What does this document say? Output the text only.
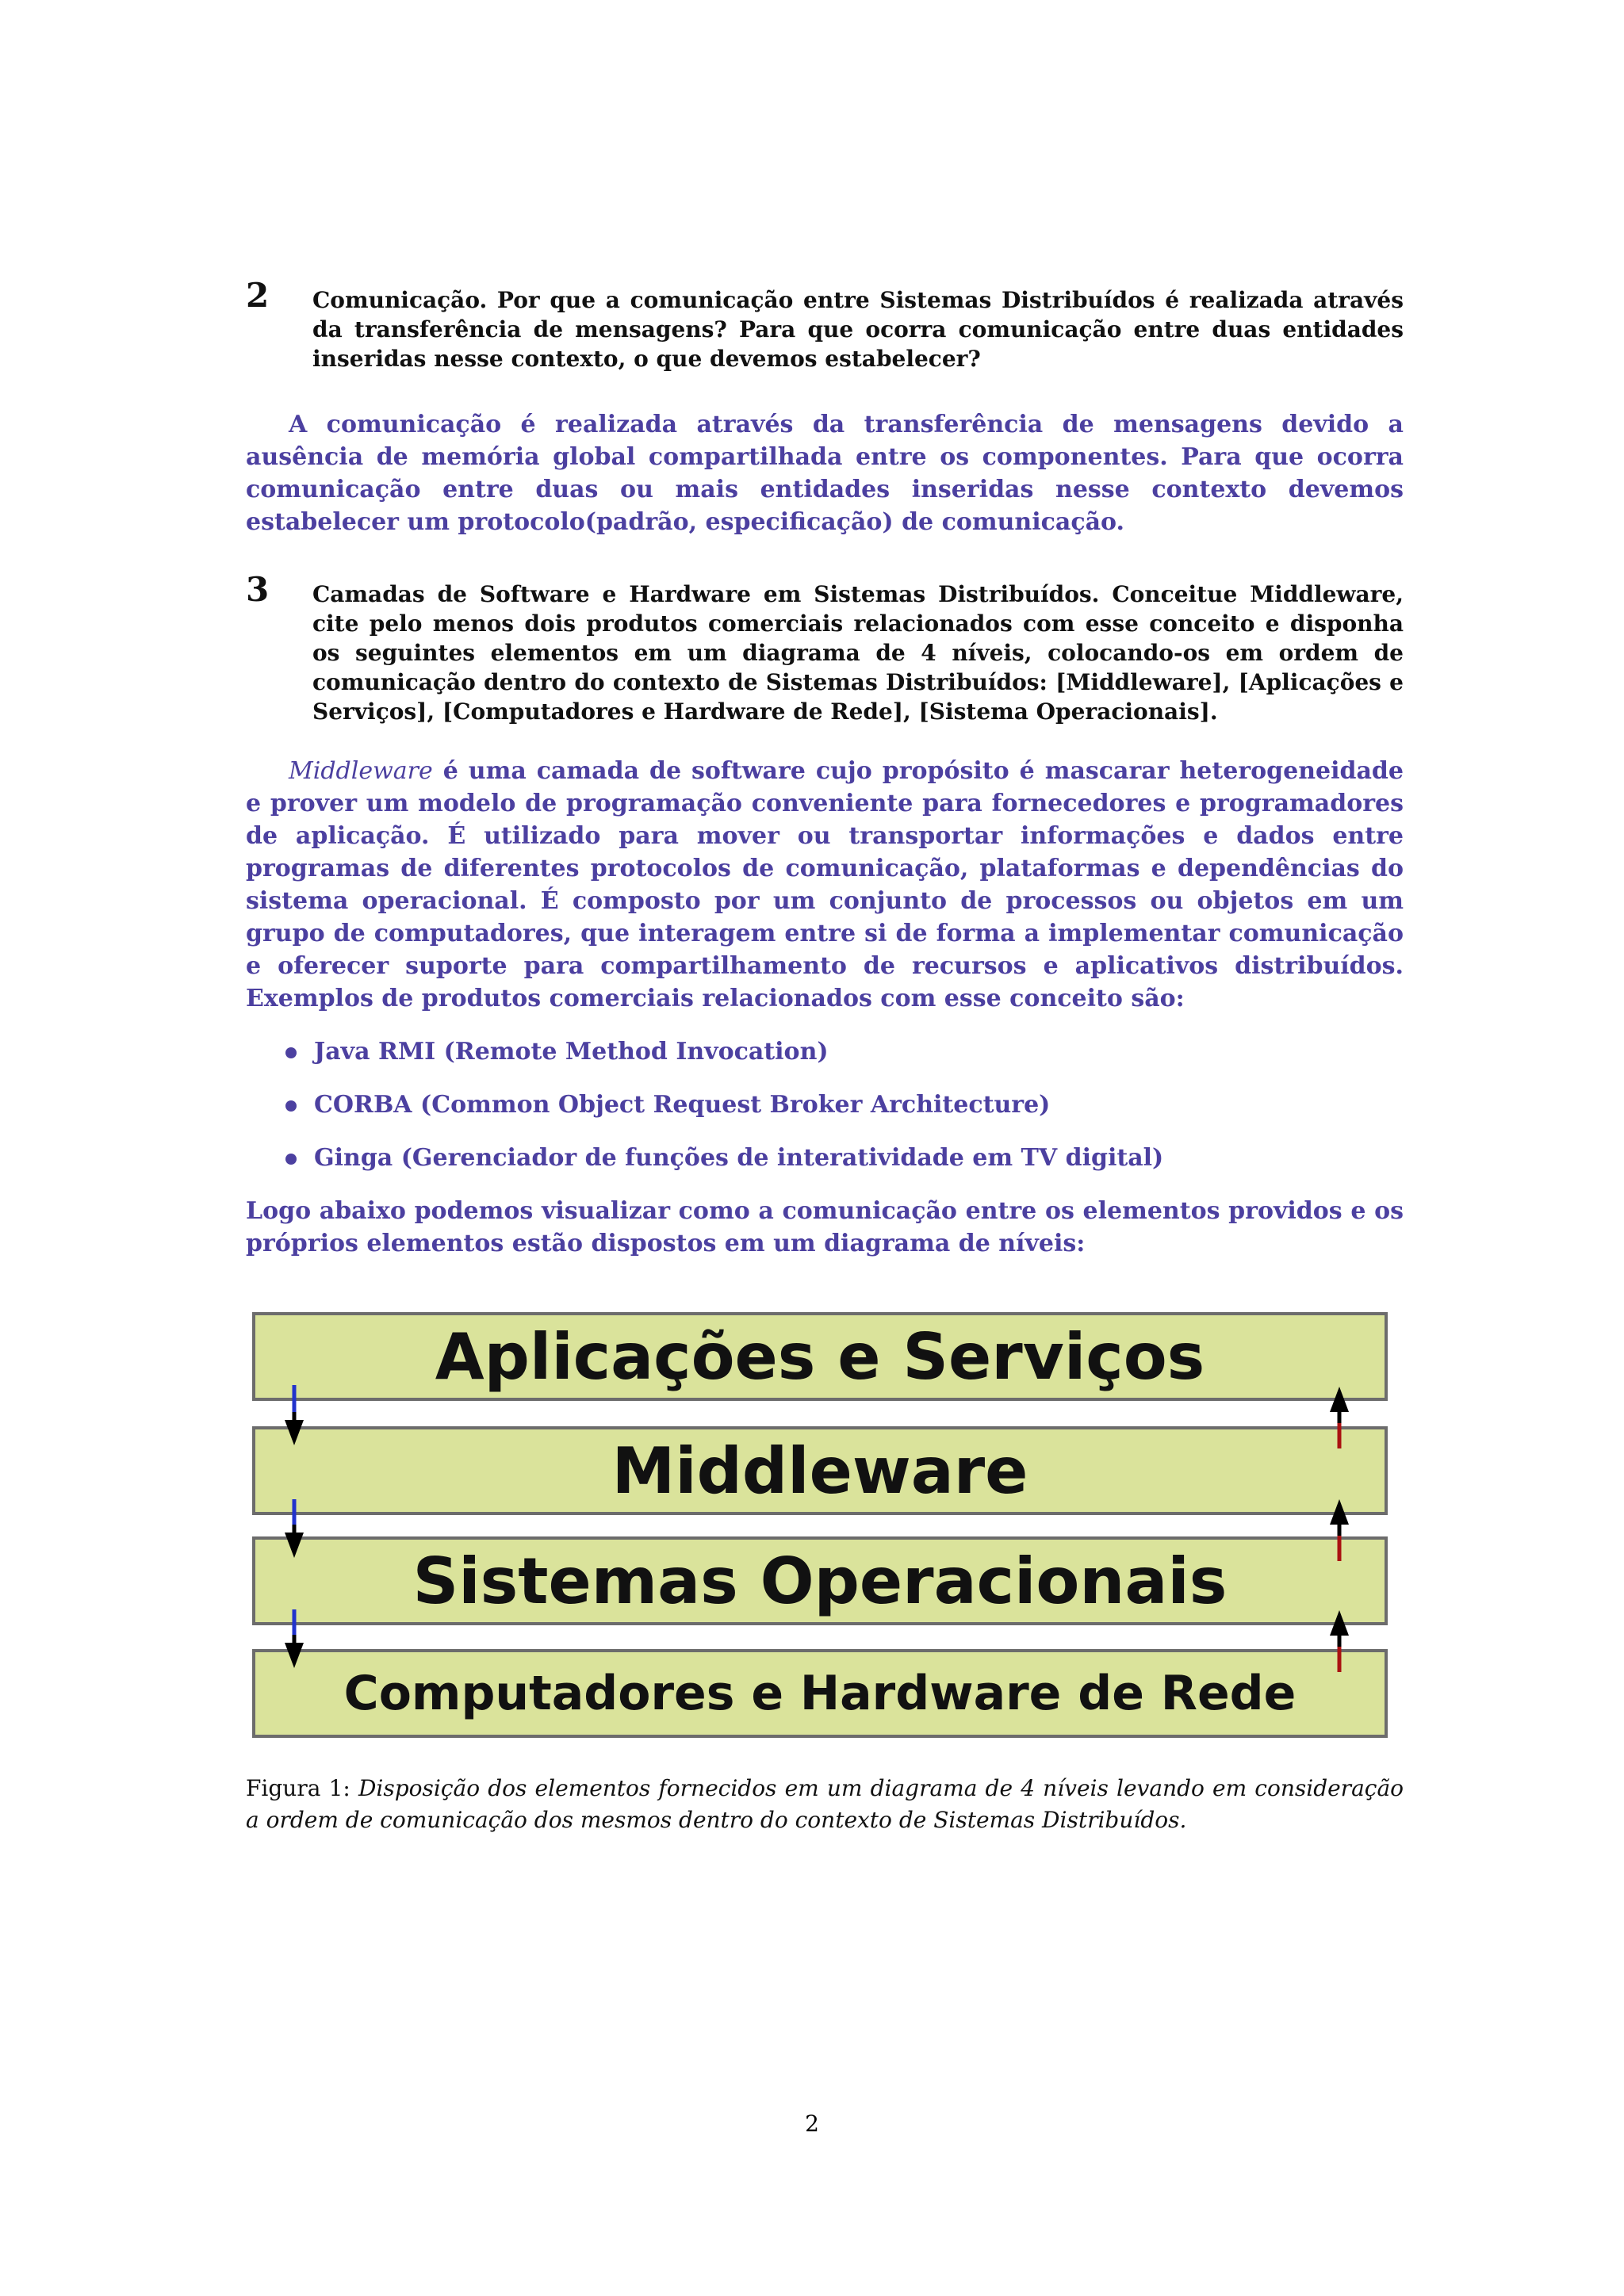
2 Comunicação. Por que a comunicação entre Sistemas Distribuídos é realizada através da transferência de mensagens? Para que ocorra comunicação entre duas entidades inseridas nesse contexto, o que devemos estabelecer?

A comunicação é realizada através da transferência de mensagens devido a ausência de memória global compartilhada entre os componentes. Para que ocorra comunicação entre duas ou mais entidades inseridas nesse contexto devemos estabelecer um protocolo(padrão, especificação) de comunicação.

3 Camadas de Software e Hardware em Sistemas Distribuídos. Conceitue Middleware, cite pelo menos dois produtos comerciais relacionados com esse conceito e disponha os seguintes elementos em um diagrama de 4 níveis, colocando-os em ordem de comunicação dentro do contexto de Sistemas Distribuídos: [Middleware], [Aplicações e Serviços], [Computadores e Hardware de Rede], [Sistema Operacionais].

Middleware é uma camada de software cujo propósito é mascarar heterogeneidade e prover um modelo de programação conveniente para fornecedores e programadores de aplicação. É utilizado para mover ou transportar informações e dados entre programas de diferentes protocolos de comunicação, plataformas e dependências do sistema operacional. É composto por um conjunto de processos ou objetos em um grupo de computadores, que interagem entre si de forma a implementar comunicação e oferecer suporte para compartilhamento de recursos e aplicativos distribuídos. Exemplos de produtos comerciais relacionados com esse conceito são:

Java RMI (Remote Method Invocation)
CORBA (Common Object Request Broker Architecture)
Ginga (Gerenciador de funções de interatividade em TV digital)

Logo abaixo podemos visualizar como a comunicação entre os elementos providos e os próprios elementos estão dispostos em um diagrama de níveis:

Aplicações e Serviços
Middleware
Sistemas Operacionais
Computadores e Hardware de Rede
Figura 1: Disposição dos elementos fornecidos em um diagrama de 4 níveis levando em consideração a ordem de comunicação dos mesmos dentro do contexto de Sistemas Distribuídos.
2
